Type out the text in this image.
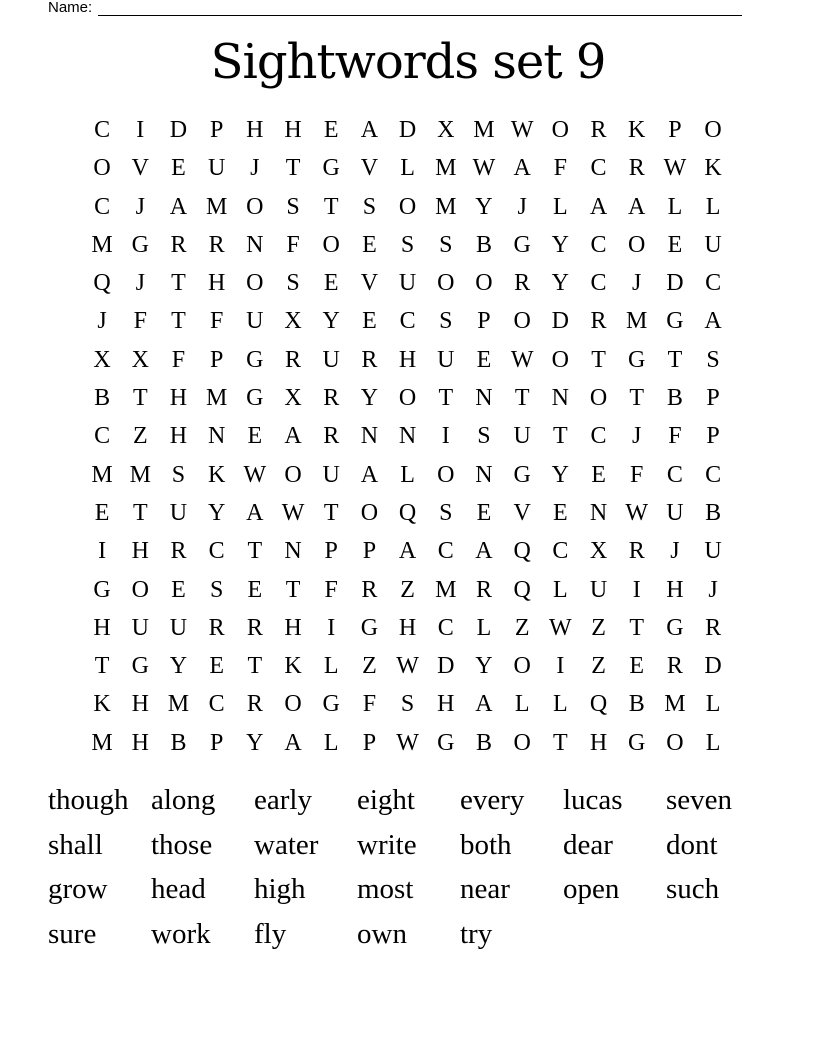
Name:
Sightwords set 9
C	I	D P H H E A D X M W O R K P O
O V E U	J	T G V L M W A F C R W K
C	J	A M O S	T	S O M Y	J	L A A L L
M G R R N F O E	S	S B G Y C O E U
Q	J	T H O S	E V U O O R Y C	J	D C
J	F	T	F U X Y E C S	P O D R M G A
X X F	P G R U R H U E W O T G T	S
B T H M G X R Y O T N T N O T B P
C Z H N E A R N N	I	S U T C	J	F	P
M M S K W O U A L O N G Y E	F C C
E T U Y A W T O Q S	E V E N W U B
I	H R C T N P	P A C A Q C X R	J	U
G O E	S	E T	F R Z M R Q L U	I	H	J
H U U R R H	I	G H C L Z W Z T G R
T G Y E T K L Z W D Y O	I	Z E R D
K H M C R O G F	S H A L L Q B M L
M H B P Y A L	P W G B O T H G O L
though along	early	eight	every	lucas	seven
shall	those	water	write	both	dear	dont
grow	head	high	most	near	open	such
sure	work	fly	own	try
